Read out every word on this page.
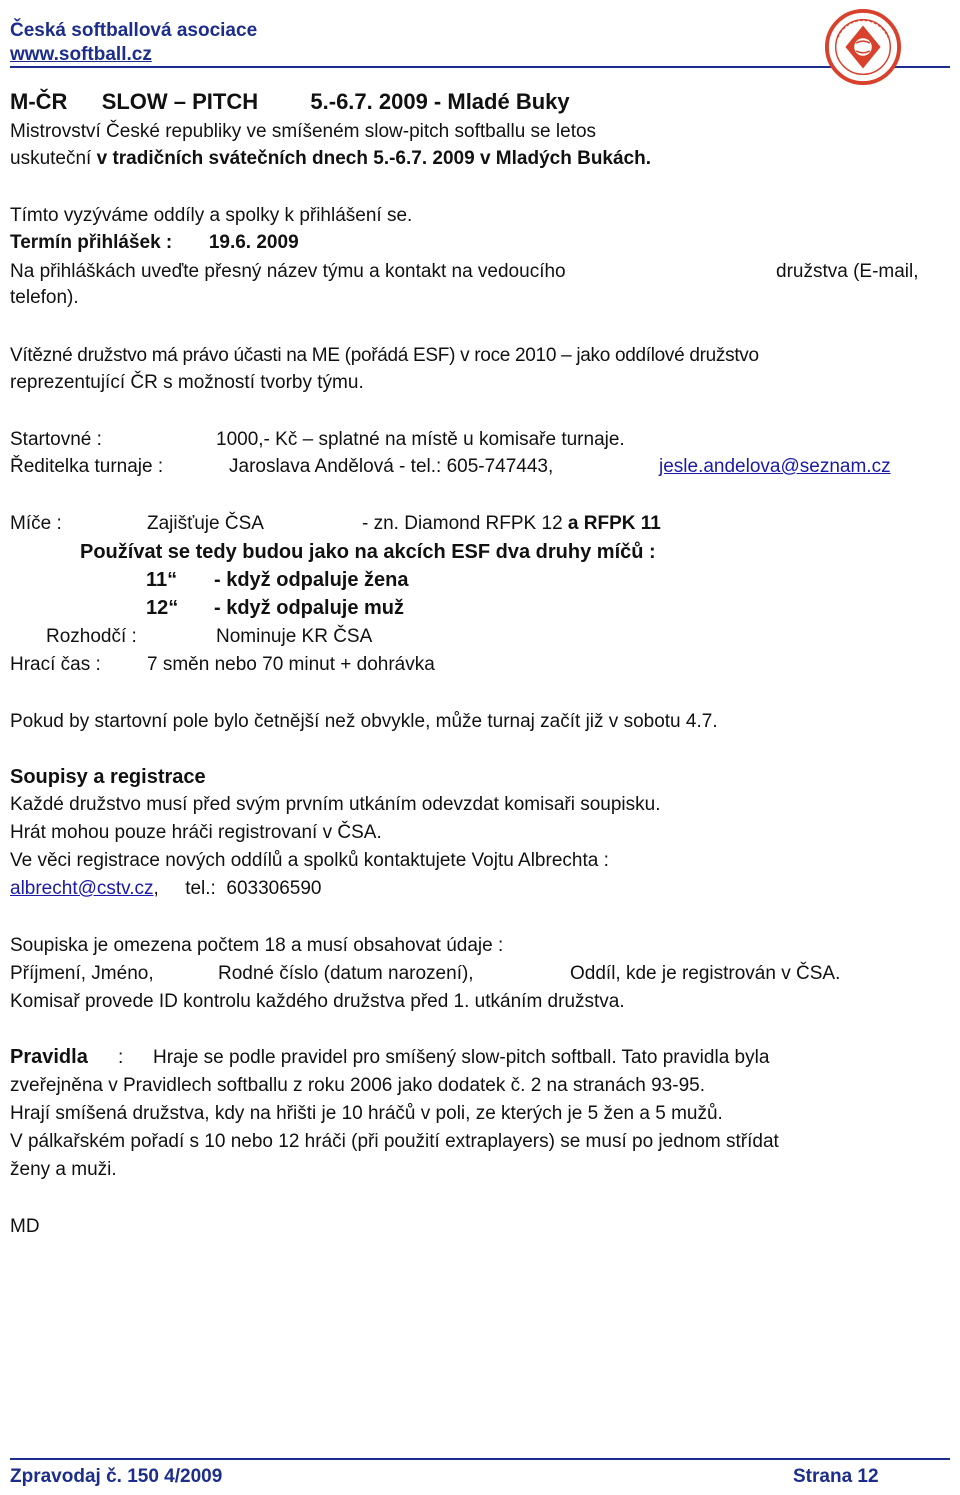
Česká softballová asociace
www.softball.cz
M-ČR SLOW – PITCH 5.-6.7. 2009 - Mladé Buky
Mistrovství České republiky ve smíšeném slow-pitch softballu se letos
uskuteční v tradičních svátečních dnech 5.-6.7. 2009 v Mladých Bukách.
Tímto vyzýváme oddíly a spolky k přihlášení se.
Termín přihlášek : 19.6. 2009
Na přihláškách uveďte přesný název týmu a kontakt na vedoucího	družstva (E-mail,
telefon).
Vítězné družstvo má právo účasti na ME (pořádá ESF) v roce 2010 – jako oddílové družstvo
reprezentující ČR s možností tvorby týmu.
Startovné :	1000,- Kč – splatné na místě u komisaře turnaje.
Ředitelka turnaje :	Jaroslava Andělová - tel.: 605-747443,	jesle.andelova@seznam.cz
Míče :	Zajišťuje ČSA	- zn. Diamond RFPK 12 a RFPK 11
Používat se tedy budou jako na akcích ESF dva druhy míčů :
11“ - když odpaluje žena
12“ - když odpaluje muž
Rozhodčí :	Nominuje KR ČSA
Hrací čas : 7 směn nebo 70 minut + dohrávka
Pokud by startovní pole bylo četnější než obvykle, může turnaj začít již v sobotu 4.7.
Soupisy a registrace
Každé družstvo musí před svým prvním utkáním odevzdat komisaři soupisku.
Hrát mohou pouze hráči registrovaní v ČSA.
Ve věci registrace nových oddílů a spolků kontaktujete Vojtu Albrechta :
albrecht@cstv.cz,     tel.:  603306590
Soupiska je omezena počtem 18 a musí obsahovat údaje :
Příjmení, Jméno,	Rodné číslo (datum narození),	Oddíl, kde je registrován v ČSA.
Komisař provede ID kontrolu každého družstva před 1. utkáním družstva.
Pravidla : Hraje se podle pravidel pro smíšený slow-pitch softball. Tato pravidla byla
zveřejněna v Pravidlech softballu z roku 2006 jako dodatek č. 2 na stranách 93-95.
Hrají smíšená družstva, kdy na hřišti je 10 hráčů v poli, ze kterých je 5 žen a 5 mužů.
V pálkařském pořadí s 10 nebo 12 hráči (při použití extraplayers) se musí po jednom střídat
ženy a muži.
MD
Zpravodaj č. 150 4/2009	Strana 12
